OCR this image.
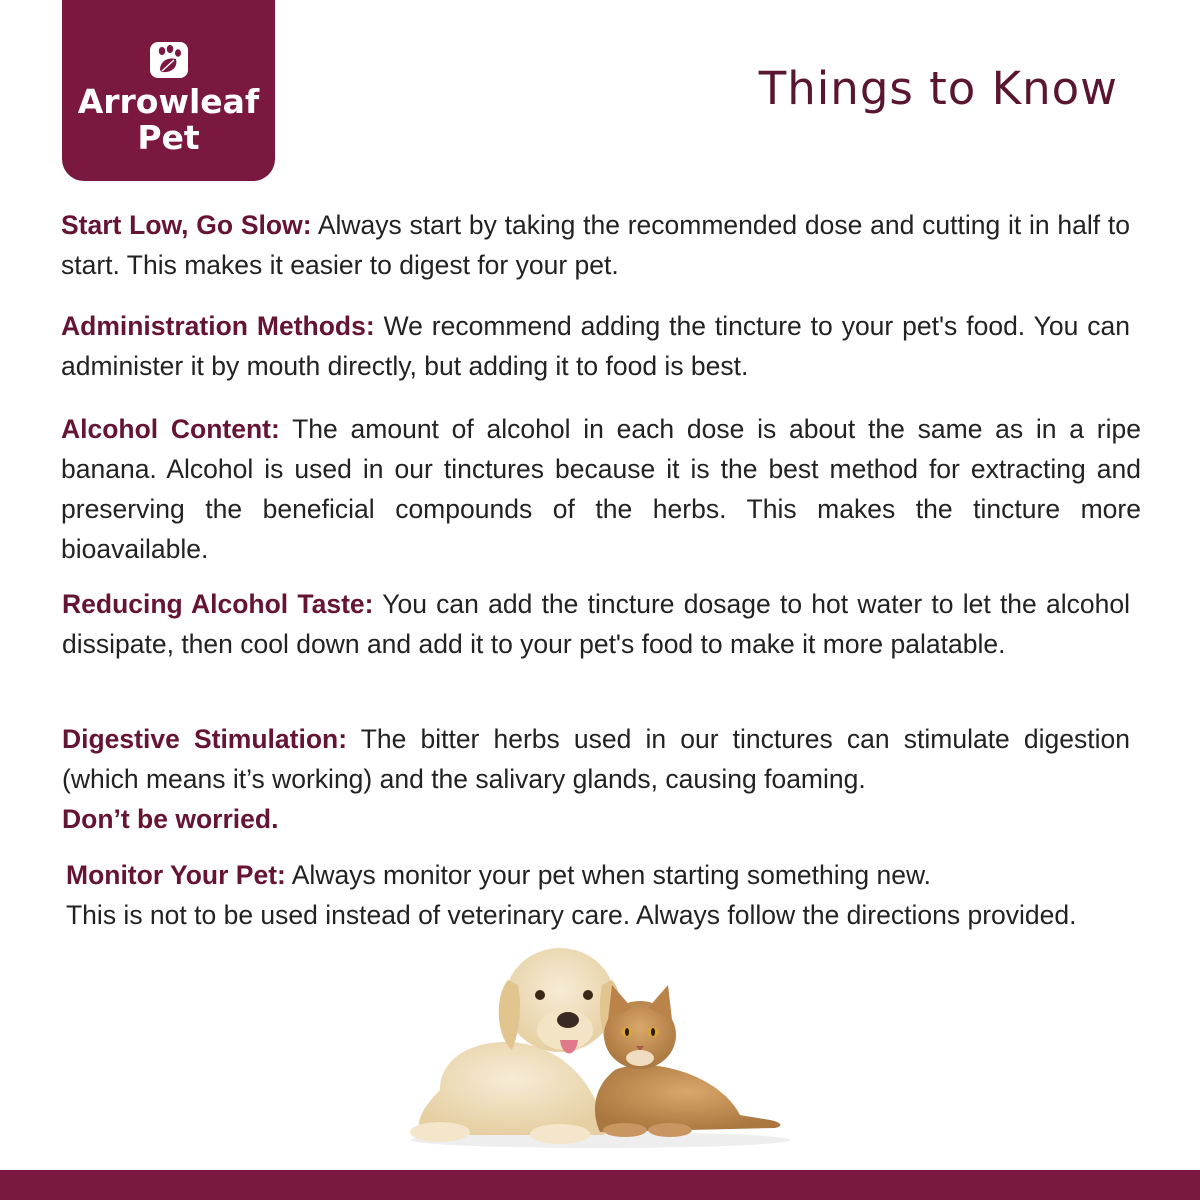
Arrowleaf
Pet
Things to Know

Start Low, Go Slow: Always start by taking the recommended dose and cutting it in half to start. This makes it easier to digest for your pet.

Administration Methods: We recommend adding the tincture to your pet's food. You can administer it by mouth directly, but adding it to food is best.

Alcohol Content: The amount of alcohol in each dose is about the same as in a ripe banana. Alcohol is used in our tinctures because it is the best method for extracting and preserving the beneficial compounds of the herbs. This makes the tincture more bioavailable.

Reducing Alcohol Taste: You can add the tincture dosage to hot water to let the alcohol dissipate, then cool down and add it to your pet's food to make it more palatable.

Digestive Stimulation: The bitter herbs used in our tinctures can stimulate digestion (which means it’s working) and the salivary glands, causing foaming.
Don’t be worried.

Monitor Your Pet: Always monitor your pet when starting something new.
This is not to be used instead of veterinary care. Always follow the directions provided.
